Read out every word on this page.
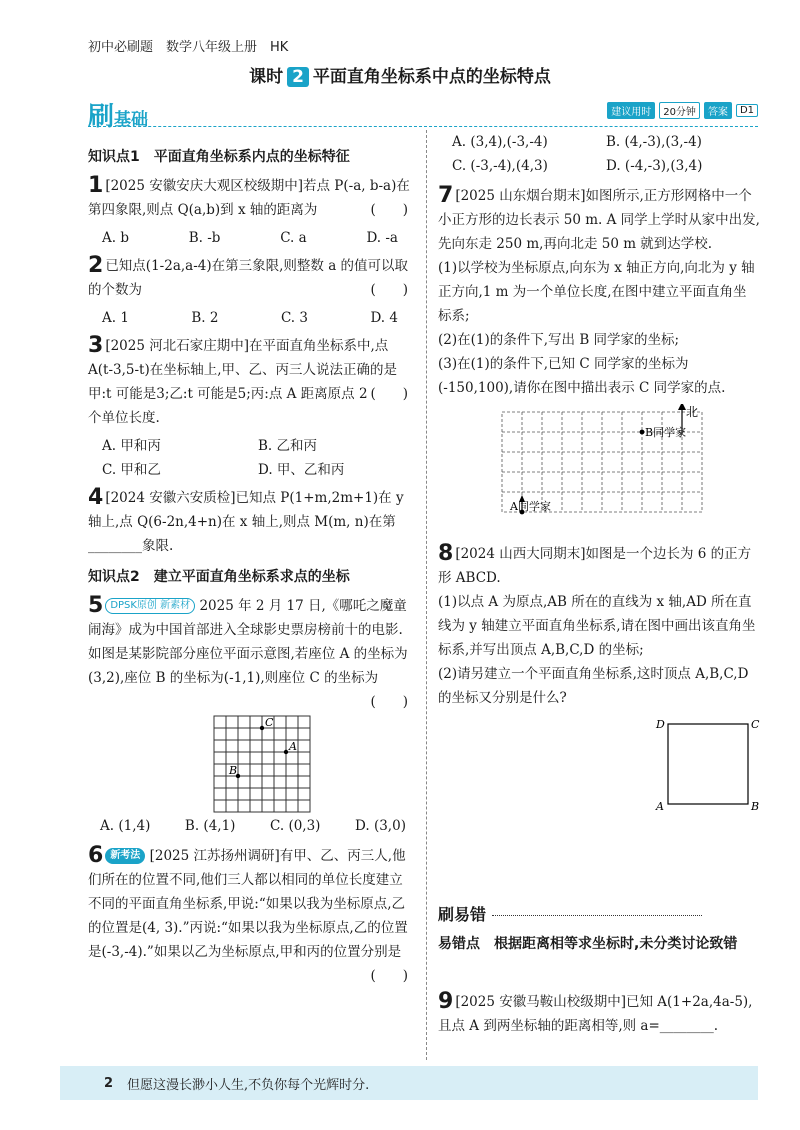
初中必刷题　数学八年级上册　HK
课时 2 平面直角坐标系中点的坐标特点
刷基础	建议用时	20分钟	答案	D1
知识点1　平面直角坐标系内点的坐标特征
1 [2025 安徽安庆大观区校级期中]若点 P(-a, b-a)在第四象限,则点 Q(a,b)到 x 轴的距离为	(　　)
A. b	B. -b	C. a	D. -a
2 已知点(1-2a,a-4)在第三象限,则整数 a 的值可以取的个数为	(　　)
A. 1	B. 2	C. 3	D. 4
3 [2025 河北石家庄期中]在平面直角坐标系中,点 A(t-3,5-t)在坐标轴上,甲、乙、丙三人说法正确的是
(　　)
甲:t 可能是3;乙:t 可能是5;丙:点 A 距离原点 2 个单位长度.
A. 甲和丙	B. 乙和丙
C. 甲和乙	D. 甲、乙和丙
4 [2024 安徽六安质检]已知点 P(1+m,2m+1)在 y 轴上,点 Q(6-2n,4+n)在 x 轴上,则点 M(m, n)在第________象限.
知识点2　建立平面直角坐标系求点的坐标
5 DPSK原创 新素材 2025 年 2 月 17 日,《哪吒之魔童闹海》成为中国首部进入全球影史票房榜前十的电影. 如图是某影院部分座位平面示意图,若座位 A 的坐标为(3,2),座位 B 的坐标为(-1,1),则座位 C 的坐标为
(　　)
C
A
B
A. (1,4)	B. (4,1)	C. (0,3)	D. (3,0)
6 新考法 [2025 江苏扬州调研]有甲、乙、丙三人,他们所在的位置不同,他们三人都以相同的单位长度建立不同的平面直角坐标系,甲说:“如果以我为坐标原点,乙的位置是(4, 3).”丙说:“如果以我为坐标原点,乙的位置是(-3,-4).”如果以乙为坐标原点,甲和丙的位置分别是
(　　)
A. (3,4),(-3,-4)	B. (4,-3),(3,-4)
C. (-3,-4),(4,3)	D. (-4,-3),(3,4)
7 [2025 山东烟台期末]如图所示,正方形网格中一个小正方形的边长表示 50 m. A 同学上学时从家中出发,先向东走 250 m,再向北走 50 m 就到达学校.
(1)以学校为坐标原点,向东为 x 轴正方向,向北为 y 轴正方向,1 m 为一个单位长度,在图中建立平面直角坐标系;
(2)在(1)的条件下,写出 B 同学家的坐标;
(3)在(1)的条件下,已知 C 同学家的坐标为(-150,100),请你在图中描出表示 C 同学家的点.
北
B同学家
A同学家
8 [2024 山西大同期末]如图是一个边长为 6 的正方形 ABCD.
(1)以点 A 为原点,AB 所在的直线为 x 轴,AD 所在直线为 y 轴建立平面直角坐标系,请在图中画出该直角坐标系,并写出顶点 A,B,C,D 的坐标;
(2)请另建立一个平面直角坐标系,这时顶点 A,B,C,D 的坐标又分别是什么?
D	C
A	B
刷易错
易错点　根据距离相等求坐标时,未分类讨论致错
9 [2025 安徽马鞍山校级期中]已知 A(1+2a,4a-5),且点 A 到两坐标轴的距离相等,则 a=________.
2 但愿这漫长渺小人生,不负你每个光辉时分.
